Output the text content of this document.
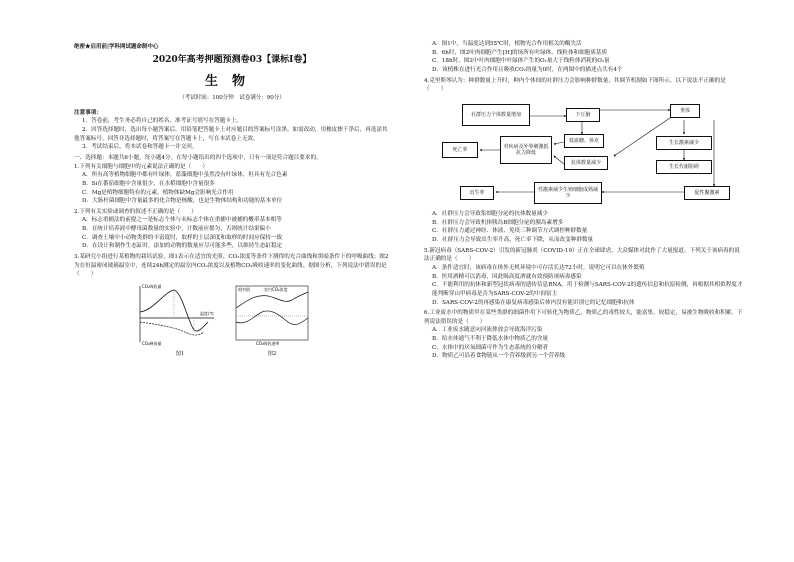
绝密★启用前|学科网试题命制中心
2020年高考押题预测卷03【课标Ⅰ卷】
生物
（考试时间：100分钟　试卷满分：90分）
注意事项：

1．答卷前，考生务必将自己的姓名、准考证号填写在答题卡上。

2．回答选择题时，选出每小题答案后，用铅笔把答题卡上对应题目的答案标号涂黑。如需改动，用橡皮擦干净后，再选涂其他答案标号。回答非选择题时，将答案写在答题卡上，写在本试卷上无效。

3．考试结束后，将本试卷和答题卡一并交回。

一、选择题：本题共6小题，每小题4分。在每小题给出的四个选项中，只有一项是符合题目要求的。

1.下列有关细胞与细胞中的元素说法正确的是（　　）

A．所有高等植物细胞中都有叶绿体，蓝藻细胞中虽然没有叶绿体，但具有光合色素

B．Si在番茄细胞中含量很少，在水稻细胞中含量很多

C．Mg是植物细胞特有的元素，植物体缺Mg会影响光合作用

D．大肠杆菌细胞中含量最多的化合物是核酸，也是生物体结构和功能的基本单位

2.下列有关实验或调查的叙述不正确的是（　　）

A．标志重捕法的前提之一是标志个体与未标志个体在重捕中被捕的概率基本相等

B．在统计培养液中酵母菌数量的实验中，计数前应摇匀，否则统计结果偏小

C．调查土壤中小动物类群的丰富度时，取样的土层深度和取样的时间应保持一致

D．在设计和制作生态缸时，添加的动物的数量应尽可能多些，以维持生态缸稳定

3.某研究小组进行某植物的栽培试验，图1表示在适宜的光照、CO₂浓度等条件下测得的光合曲线和黑暗条件下的呼吸曲线；图2为在恒温密闭玻璃温室中，连续24h测定的温室内CO₂浓度以及植物CO₂吸收速率的变化曲线。据图分析，下列说法中错误的是（　　）

CO₂吸收量
CO₂释放量
温度/℃
图1
相对值	室内CO₂浓度
CO₂吸收速率
图2

A．图1中，当温度达到55℃时，植物光合作用相关的酶失活

B．6h时，图2叶肉细胞产生[H]的场所有叶绿体、线粒体和细胞质基质

C．18h时，图2中叶肉细胞中叶绿体产生的O₂量大于线粒体消耗的O₂量

D．该植株在进行光合作用且吸收CO₂的量为0时，在两图中的描述点共有4个

4.克里斯琴认为：种群数量上升时，种内个体间的社群压力会影响种群数量，其调节机制如下图所示，以下说法不正确的是（　　）

社群压力个体数量增加	下丘脑
垂体
死亡率
对疾病及外界刺激抵抗力降低
低血糖、休克	生长激素减少
抗体数量减少
生长代谢阻碍
出生率
性激素减少生殖细胞成熟减少
促性腺激素

A．社群压力会导致浆细胞分泌的抗体数量减少

B．社群压力会导致机体胰岛B细胞分泌的胰岛素增多

C．社群压力通过神经、体液、免疫三种调节方式调控种群数量

D．社群压力会导致出生率升高，死亡率下降，从而改变种群数量

5.新冠病毒（SARS-COV-2）引发的新冠肺炎（COVID-19）正在全球肆虐，大众媒体对此作了大量报道。下列关于该病毒的说法正确的是（　　）

A．条件适宜时，该病毒在体外无机环境中可存活长达72小时，说明它可以在体外繁殖

B．医用酒精可以消毒，因此喝高度酒就有效预防该病毒感染

C．不能利用的抗体和新型冠状病毒的遗传信息RNA，用于检测与SARS-COV-2的遗传信息和抗原检测，再根据其相似程度才能判断穿山甲病毒是否为SARS-COV-2的中间宿主

D．SARS-COV-2的再感染在康复病毒感染后体内没有能识别它的记忆细胞和抗体

6.工业废水中的物质甲在某些类群的细菌作用下可转化为物质乙，物质乙的毒性较大，能富集，较稳定，易被生物吸收和积累。下列说法错误的是（　　）

A．工业废水随意向河流排放会导致海洋污染

B．给水体通气不利于降低水体中物质乙的含量

C．水体中的厌氧细菌可作为生态系统的分解者

D．物质乙可沿着食物链从一个营养级到另一个营养级
